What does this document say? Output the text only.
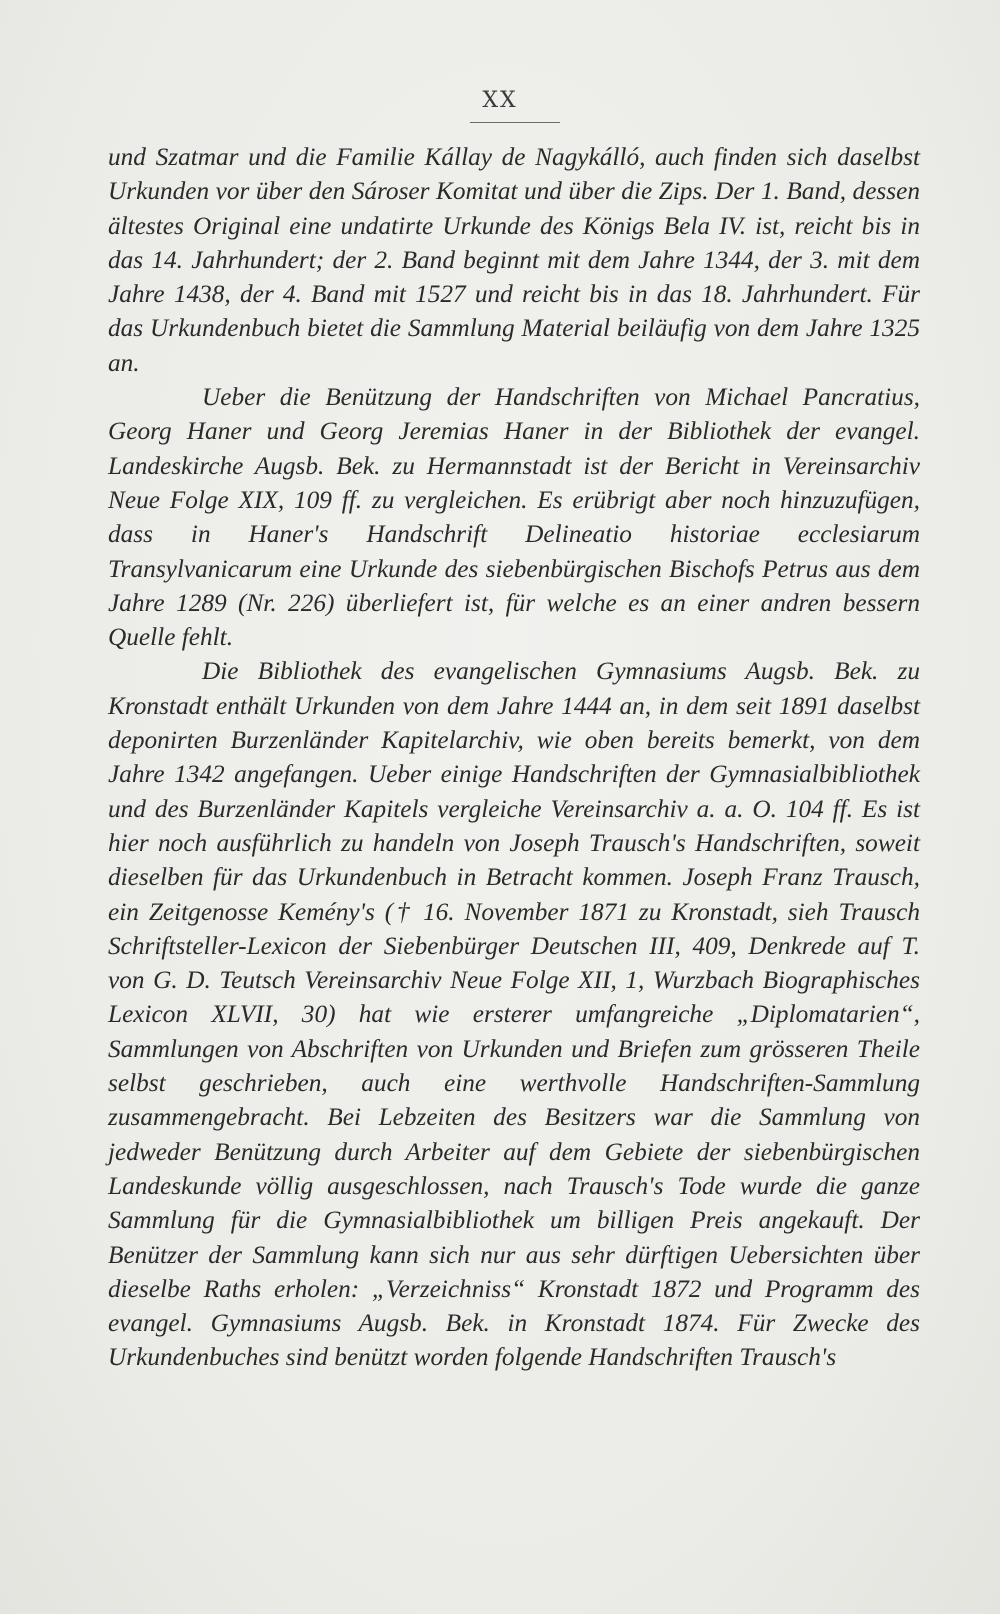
XX

und Szatmar und die Familie Kállay de Nagykálló, auch finden sich daselbst Urkunden vor über den Sároser Komitat und über die Zips. Der 1. Band, dessen ältestes Original eine undatirte Urkunde des Königs Bela IV. ist, reicht bis in das 14. Jahrhundert; der 2. Band beginnt mit dem Jahre 1344, der 3. mit dem Jahre 1438, der 4. Band mit 1527 und reicht bis in das 18. Jahrhundert. Für das Urkundenbuch bietet die Sammlung Material beiläufig von dem Jahre 1325 an.

Ueber die Benützung der Handschriften von Michael Pancratius, Georg Haner und Georg Jeremias Haner in der Bibliothek der evangel. Landeskirche Augsb. Bek. zu Hermannstadt ist der Bericht in Vereinsarchiv Neue Folge XIX, 109 ff. zu vergleichen. Es erübrigt aber noch hinzuzufügen, dass in Haner's Handschrift Delineatio historiae ecclesiarum Transylvanicarum eine Urkunde des siebenbürgischen Bischofs Petrus aus dem Jahre 1289 (Nr. 226) überliefert ist, für welche es an einer andren bessern Quelle fehlt.

Die Bibliothek des evangelischen Gymnasiums Augsb. Bek. zu Kronstadt enthält Urkunden von dem Jahre 1444 an, in dem seit 1891 daselbst deponirten Burzenländer Kapitelarchiv, wie oben bereits bemerkt, von dem Jahre 1342 angefangen. Ueber einige Handschriften der Gymnasialbibliothek und des Burzenländer Kapitels vergleiche Vereinsarchiv a. a. O. 104 ff. Es ist hier noch ausführlich zu handeln von Joseph Trausch's Handschriften, soweit dieselben für das Urkundenbuch in Betracht kommen. Joseph Franz Trausch, ein Zeitgenosse Kemény's († 16. November 1871 zu Kronstadt, sieh Trausch Schriftsteller-Lexicon der Siebenbürger Deutschen III, 409, Denkrede auf T. von G. D. Teutsch Vereinsarchiv Neue Folge XII, 1, Wurzbach Biographisches Lexicon XLVII, 30) hat wie ersterer umfangreiche „Diplomatarien“, Sammlungen von Abschriften von Urkunden und Briefen zum grösseren Theile selbst geschrieben, auch eine werthvolle Handschriften-Sammlung zusammengebracht. Bei Lebzeiten des Besitzers war die Sammlung von jedweder Benützung durch Arbeiter auf dem Gebiete der siebenbürgischen Landeskunde völlig ausgeschlossen, nach Trausch's Tode wurde die ganze Sammlung für die Gymnasialbibliothek um billigen Preis angekauft. Der Benützer der Sammlung kann sich nur aus sehr dürftigen Uebersichten über dieselbe Raths erholen: „Verzeichniss“ Kronstadt 1872 und Programm des evangel. Gymnasiums Augsb. Bek. in Kronstadt 1874. Für Zwecke des Urkundenbuches sind benützt worden folgende Handschriften Trausch's
